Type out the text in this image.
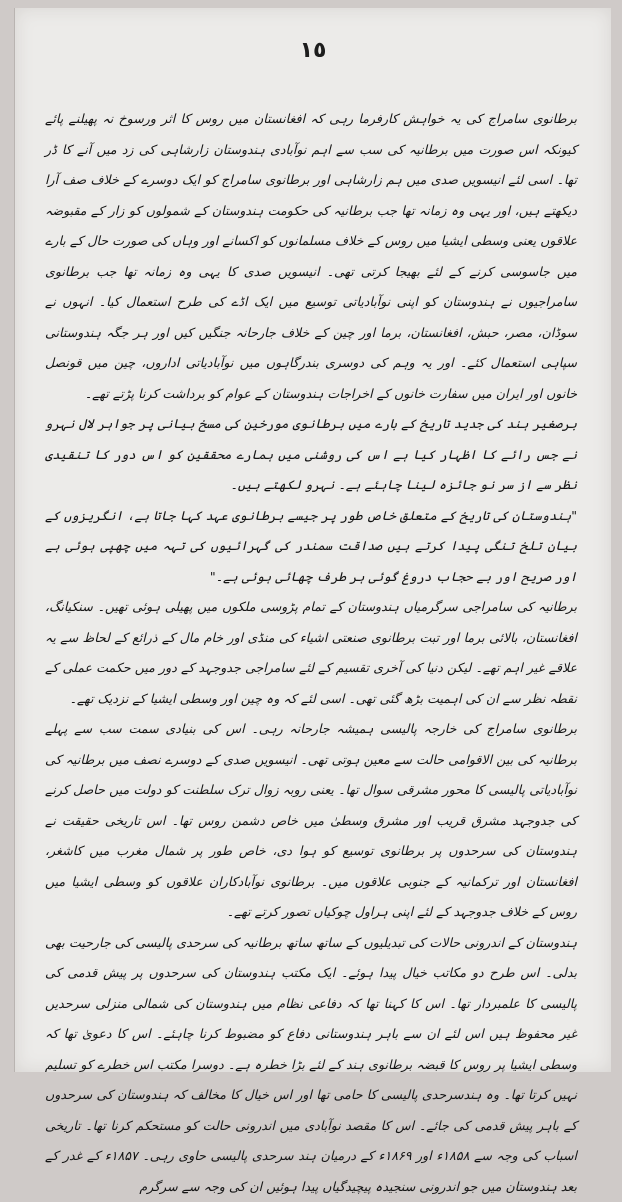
١٥

برطانوی سامراج کی یہ خواہش کارفرما رہی کہ افغانستان میں روس کا اثر ورسوخ نہ پھیلنے پائے کیونکہ اس صورت میں برطانیہ کی سب سے اہم نوآبادی ہندوستان زارشاہی کی زد میں آنے کا ڈر تھا۔ اسی لئے انیسویں صدی میں ہم زارشاہی اور برطانوی سامراج کو ایک دوسرے کے خلاف صف آرا دیکھتے ہیں، اور یہی وہ زمانہ تھا جب برطانیہ کی حکومت ہندوستان کے شمولوں کو زار کے مقبوضہ علاقوں یعنی وسطی ایشیا میں روس کے خلاف مسلمانوں کو اکسانے اور وہاں کی صورت حال کے بارے میں جاسوسی کرنے کے لئے بھیجا کرتی تھی۔ انیسویں صدی کا یہی وہ زمانہ تھا جب برطانوی سامراجیوں نے ہندوستان کو اپنی نوآبادیاتی توسیع میں ایک اڈے کی طرح استعمال کیا۔ انہوں نے سوڈان، مصر، حبش، افغانستان، برما اور چین کے خلاف جارحانہ جنگیں کیں اور ہر جگہ ہندوستانی سپاہی استعمال کئے۔ اور یہ وہم کی دوسری بندرگاہوں میں نوآبادیاتی اداروں، چین میں قونصل خانوں اور ایران میں سفارت خانوں کے اخراجات ہندوستان کے عوام کو برداشت کرنا پڑتے تھے۔

برصغیر ہند کی جدید تاریخ کے بارے میں برطانوی مورخین کی مسخ بیانی پر جواہر لال نہرو نے جس رائے کا اظہار کیا ہے اس کی روشنی میں ہمارے محققین کو اس دور کا تنقیدی نظر سے از سر نو جائزہ لینا چاہئے ہے۔ نہرو لکھتے ہیں۔

"ہندوستان کی تاریخ کے متعلق خاص طور پر جیسے برطانوی عہد کہا جاتا ہے، انگریزوں کے بیان تلخ تنگی پیدا کرتے ہیں صداقت سمندر کی گہرائیوں کی تہہ میں چھپی ہوئی ہے اور صریح اور بے حجاب دروغ گوئی ہر طرف چھائی ہوئی ہے۔"

برطانیہ کی سامراجی سرگرمیاں ہندوستان کے تمام پڑوسی ملکوں میں پھیلی ہوئی تھیں۔ سنکیانگ، افغانستان، بالائی برما اور تبت برطانوی صنعتی اشیاء کی منڈی اور خام مال کے ذرائع کے لحاظ سے یہ علاقے غیر اہم تھے۔ لیکن دنیا کی آخری تقسیم کے لئے سامراجی جدوجہد کے دور میں حکمت عملی کے نقطہ نظر سے ان کی اہمیت بڑھ گئی تھی۔ اسی لئے کہ وہ چین اور وسطی ایشیا کے نزدیک تھے۔

برطانوی سامراج کی خارجہ پالیسی ہمیشہ جارحانہ رہی۔ اس کی بنیادی سمت سب سے پہلے برطانیہ کی بین الاقوامی حالت سے معین ہوتی تھی۔ انیسویں صدی کے دوسرے نصف میں برطانیہ کی نوآبادیاتی پالیسی کا محور مشرقی سوال تھا۔ یعنی روبہ زوال ترک سلطنت کو دولت میں حاصل کرنے کی جدوجہد مشرق قریب اور مشرق وسطیٰ میں خاص دشمن روس تھا۔ اس تاریخی حقیقت نے ہندوستان کی سرحدوں پر برطانوی توسیع کو ہوا دی، خاص طور پر شمال مغرب میں کاشغر، افغانستان اور ترکمانیہ کے جنوبی علاقوں میں۔ برطانوی نوآبادکاران علاقوں کو وسطی ایشیا میں روس کے خلاف جدوجہد کے لئے اپنی ہراول چوکیاں تصور کرتے تھے۔

ہندوستان کے اندرونی حالات کی تبدیلیوں کے ساتھ ساتھ برطانیہ کی سرحدی پالیسی کی جارحیت بھی بدلی۔ اس طرح دو مکاتب خیال پیدا ہوئے۔ ایک مکتب ہندوستان کی سرحدوں پر پیش قدمی کی پالیسی کا علمبردار تھا۔ اس کا کہنا تھا کہ دفاعی نظام میں ہندوستان کی شمالی منزلی سرحدیں غیر محفوظ ہیں اس لئے ان سے باہر ہندوستانی دفاع کو مضبوط کرنا چاہئے۔ اس کا دعویٰ تھا کہ وسطی ایشیا پر روس کا قبضہ برطانوی ہند کے لئے بڑا خطرہ ہے۔ دوسرا مکتب اس خطرے کو تسلیم نہیں کرتا تھا۔ وہ ہندسرحدی پالیسی کا حامی تھا اور اس خیال کا مخالف کہ ہندوستان کی سرحدوں کے باہر پیش قدمی کی جائے۔ اس کا مقصد نوآبادی میں اندرونی حالت کو مستحکم کرنا تھا۔ تاریخی اسباب کی وجہ سے ۱۸۵۸ء اور ۱۸۶۹ء کے درمیان ہند سرحدی پالیسی حاوی رہی۔ ۱۸۵۷ء کے غدر کے بعد ہندوستان میں جو اندرونی سنجیدہ پیچیدگیاں پیدا ہوئیں ان کی وجہ سے سرگرم
